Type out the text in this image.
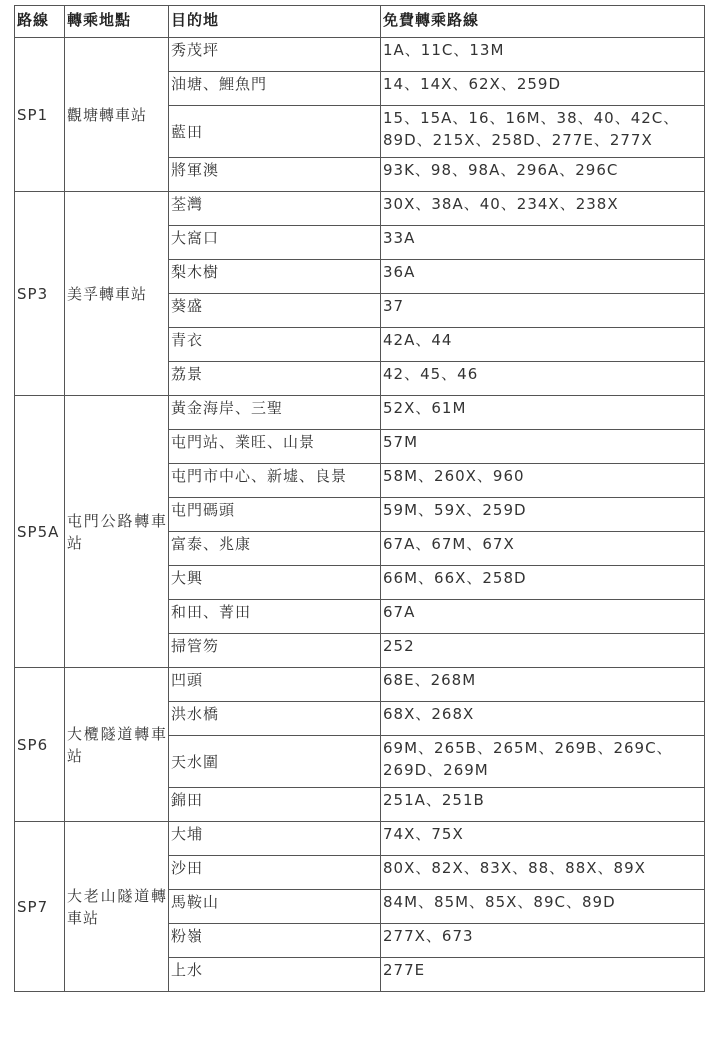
路線	轉乘地點	目的地	免費轉乘路線
SP1	觀塘轉車站	秀茂坪	1A、11C、13M
		油塘、鯉魚門	14、14X、62X、259D
		藍田	15、15A、16、16M、38、40、42C、89D、215X、258D、277E、277X
		將軍澳	93K、98、98A、296A、296C
SP3	美孚轉車站	荃灣	30X、38A、40、234X、238X
		大窩口	33A
		梨木樹	36A
		葵盛	37
		青衣	42A、44
		荔景	42、45、46
SP5A	屯門公路轉車站	黃金海岸、三聖	52X、61M
		屯門站、業旺、山景	57M
		屯門市中心、新墟、良景	58M、260X、960
		屯門碼頭	59M、59X、259D
		富泰、兆康	67A、67M、67X
		大興	66M、66X、258D
		和田、菁田	67A
		掃管笏	252
SP6	大欖隧道轉車站	凹頭	68E、268M
		洪水橋	68X、268X
		天水圍	69M、265B、265M、269B、269C、269D、269M
		錦田	251A、251B
SP7	大老山隧道轉車站	大埔	74X、75X
		沙田	80X、82X、83X、88、88X、89X
		馬鞍山	84M、85M、85X、89C、89D
		粉嶺	277X、673
		上水	277E
